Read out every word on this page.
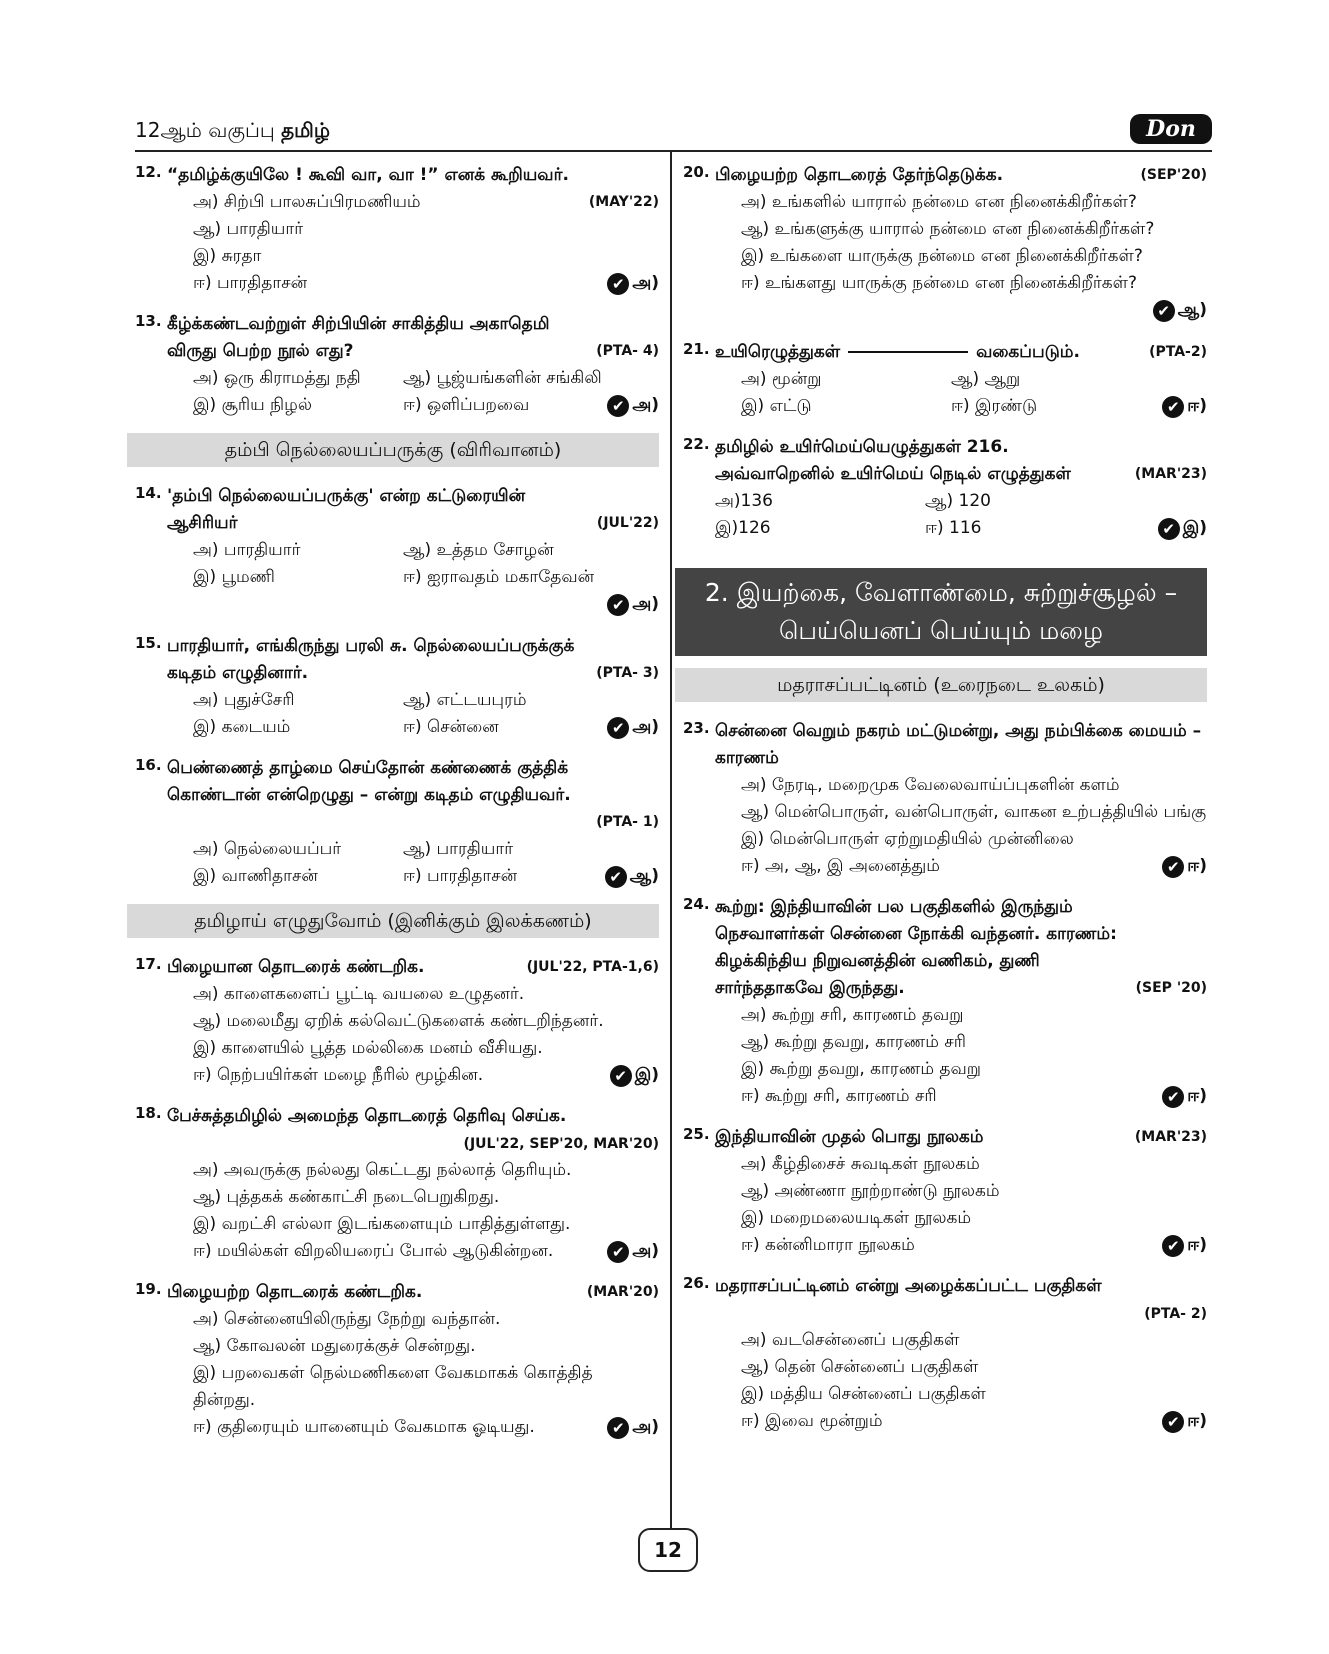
12ஆம் வகுப்பு தமிழ்	Don
12. “தமிழ்க்குயிலே ! கூவி வா, வா !” எனக் கூறியவர்.
(MAY'22)
அ) சிற்பி பாலசுப்பிரமணியம்
ஆ) பாரதியார்
இ) சுரதா
ஈ) பாரதிதாசன்	✔ அ)
13.
(PTA- 4)
கீழ்க்கண்டவற்றுள் சிற்பியின் சாகித்திய அகாதெமி விருது பெற்ற நூல் எது?
அ) ஒரு கிராமத்து நதி	ஆ) பூஜ்யங்களின் சங்கிலி
இ) சூரிய நிழல்	ஈ) ஒளிப்பறவை	✔ அ)
தம்பி நெல்லையப்பருக்கு (விரிவானம்)
14.
(JUL'22)
'தம்பி நெல்லையப்பருக்கு' என்ற கட்டுரையின் ஆசிரியர்
அ) பாரதியார்	ஆ) உத்தம சோழன்
இ) பூமணி	ஈ) ஐராவதம் மகாதேவன்
✔ அ)
15.
(PTA- 3)
பாரதியார், எங்கிருந்து பரலி சு. நெல்லையப்பருக்குக் கடிதம் எழுதினார்.
அ) புதுச்சேரி	ஆ) எட்டயபுரம்
இ) கடையம்	ஈ) சென்னை	✔ அ)
16.
(PTA- 1)
பெண்ணைத் தாழ்மை செய்தோன் கண்ணைக் குத்திக் கொண்டான் என்றெழுது – என்று கடிதம் எழுதியவர்.
அ) நெல்லையப்பர்	ஆ) பாரதியார்
இ) வாணிதாசன்	ஈ) பாரதிதாசன்	✔ ஆ)
தமிழாய் எழுதுவோம் (இனிக்கும் இலக்கணம்)
17.	(JUL'22, PTA-1,6)
பிழையான தொடரைக் கண்டறிக.
அ) காளைகளைப் பூட்டி வயலை உழுதனர்.
ஆ) மலைமீது ஏறிக் கல்வெட்டுகளைக் கண்டறிந்தனர்.
இ) காளையில் பூத்த மல்லிகை மனம் வீசியது.
ஈ) நெற்பயிர்கள் மழை நீரில் மூழ்கின.	✔ இ)
18. பேச்சுத்தமிழில் அமைந்த தொடரைத் தெரிவு செய்க.
(JUL'22, SEP'20, MAR'20)
அ) அவருக்கு நல்லது கெட்டது நல்லாத் தெரியும்.
ஆ) புத்தகக் கண்காட்சி நடைபெறுகிறது.
இ) வறட்சி எல்லா இடங்களையும் பாதித்துள்ளது.
ஈ) மயில்கள் விறலியரைப் போல் ஆடுகின்றன.	✔ அ)
19.	(MAR'20)
பிழையற்ற தொடரைக் கண்டறிக.
அ) சென்னையிலிருந்து நேற்று வந்தான்.
ஆ) கோவலன் மதுரைக்குச் சென்றது.
இ) பறவைகள் நெல்மணிகளை வேகமாகக் கொத்தித் தின்றது.
ஈ) குதிரையும் யானையும் வேகமாக ஓடியது.	✔ அ)
20.	(SEP'20)
பிழையற்ற தொடரைத் தேர்ந்தெடுக்க.
அ) உங்களில் யாரால் நன்மை என நினைக்கிறீர்கள்?
ஆ) உங்களுக்கு யாரால் நன்மை என நினைக்கிறீர்கள்?
இ) உங்களை யாருக்கு நன்மை என நினைக்கிறீர்கள்?
ஈ) உங்களது யாருக்கு நன்மை என நினைக்கிறீர்கள்?
✔ ஆ)
21.	(PTA-2)
உயிரெழுத்துகள்	வகைப்படும்.
அ) மூன்று	ஆ) ஆறு
இ) எட்டு	ஈ) இரண்டு	✔ ஈ)
22.
(MAR'23)
தமிழில் உயிர்மெய்யெழுத்துகள் 216. அவ்வாறெனில் உயிர்மெய் நெடில் எழுத்துகள்
அ)136	ஆ) 120
இ)126	ஈ) 116	✔ இ)
2. இயற்கை, வேளாண்மை, சுற்றுச்சூழல் –
பெய்யெனப் பெய்யும் மழை
மதராசப்பட்டினம் (உரைநடை உலகம்)
23. சென்னை வெறும் நகரம் மட்டுமன்று, அது நம்பிக்கை மையம் – காரணம்
அ) நேரடி, மறைமுக வேலைவாய்ப்புகளின் களம்
ஆ) மென்பொருள், வன்பொருள், வாகன உற்பத்தியில் பங்கு
இ) மென்பொருள் ஏற்றுமதியில் முன்னிலை
ஈ) அ, ஆ, இ அனைத்தும்	✔ ஈ)
24.
(SEP '20)
கூற்று: இந்தியாவின் பல பகுதிகளில் இருந்தும் நெசவாளர்கள் சென்னை நோக்கி வந்தனர். காரணம்: கிழக்கிந்திய நிறுவனத்தின் வணிகம், துணி சார்ந்ததாகவே இருந்தது.
அ) கூற்று சரி, காரணம் தவறு
ஆ) கூற்று தவறு, காரணம் சரி
இ) கூற்று தவறு, காரணம் தவறு
ஈ) கூற்று சரி, காரணம் சரி	✔ ஈ)
25.	(MAR'23)
இந்தியாவின் முதல் பொது நூலகம்
அ) கீழ்திசைச் சுவடிகள் நூலகம்
ஆ) அண்ணா நூற்றாண்டு நூலகம்
இ) மறைமலையடிகள் நூலகம்
ஈ) கன்னிமாரா நூலகம்	✔ ஈ)
26. மதராசப்பட்டினம் என்று அழைக்கப்பட்ட பகுதிகள்
(PTA- 2)
அ) வடசென்னைப் பகுதிகள்
ஆ) தென் சென்னைப் பகுதிகள்
இ) மத்திய சென்னைப் பகுதிகள்
ஈ) இவை மூன்றும்	✔ ஈ)
12
